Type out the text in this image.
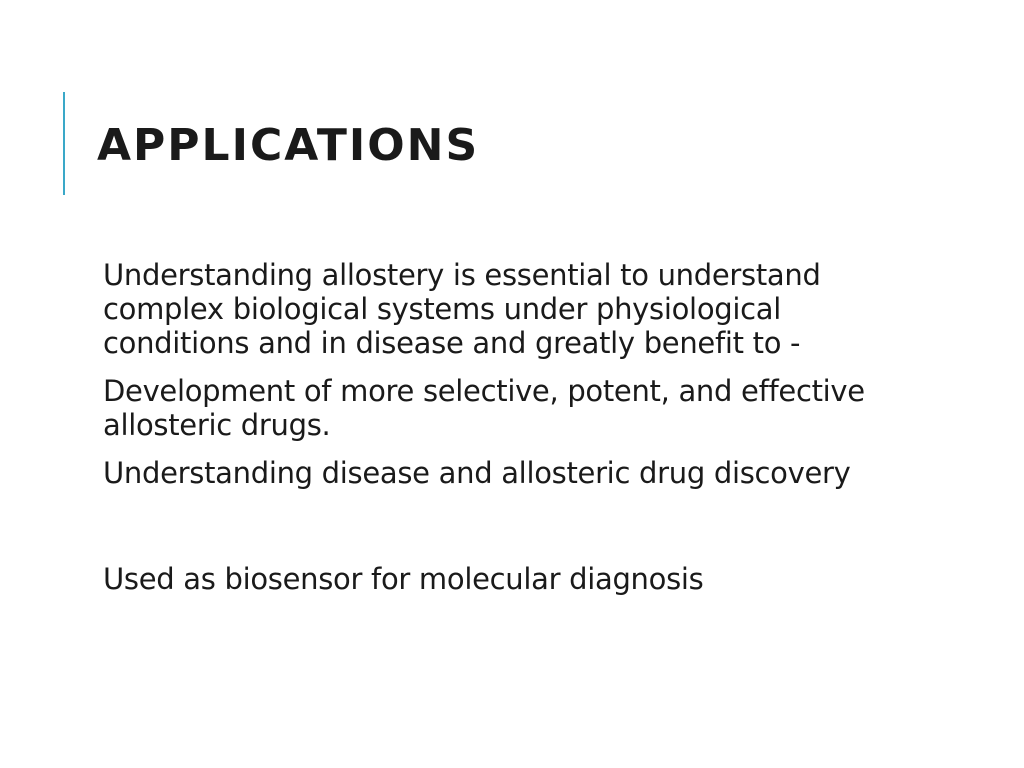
APPLICATIONS

Understanding allostery is essential to understand complex biological systems under physiological conditions and in disease and greatly benefit to -

Development of more selective, potent, and effective allosteric drugs.

Understanding disease and allosteric drug discovery

Used as biosensor for molecular diagnosis
